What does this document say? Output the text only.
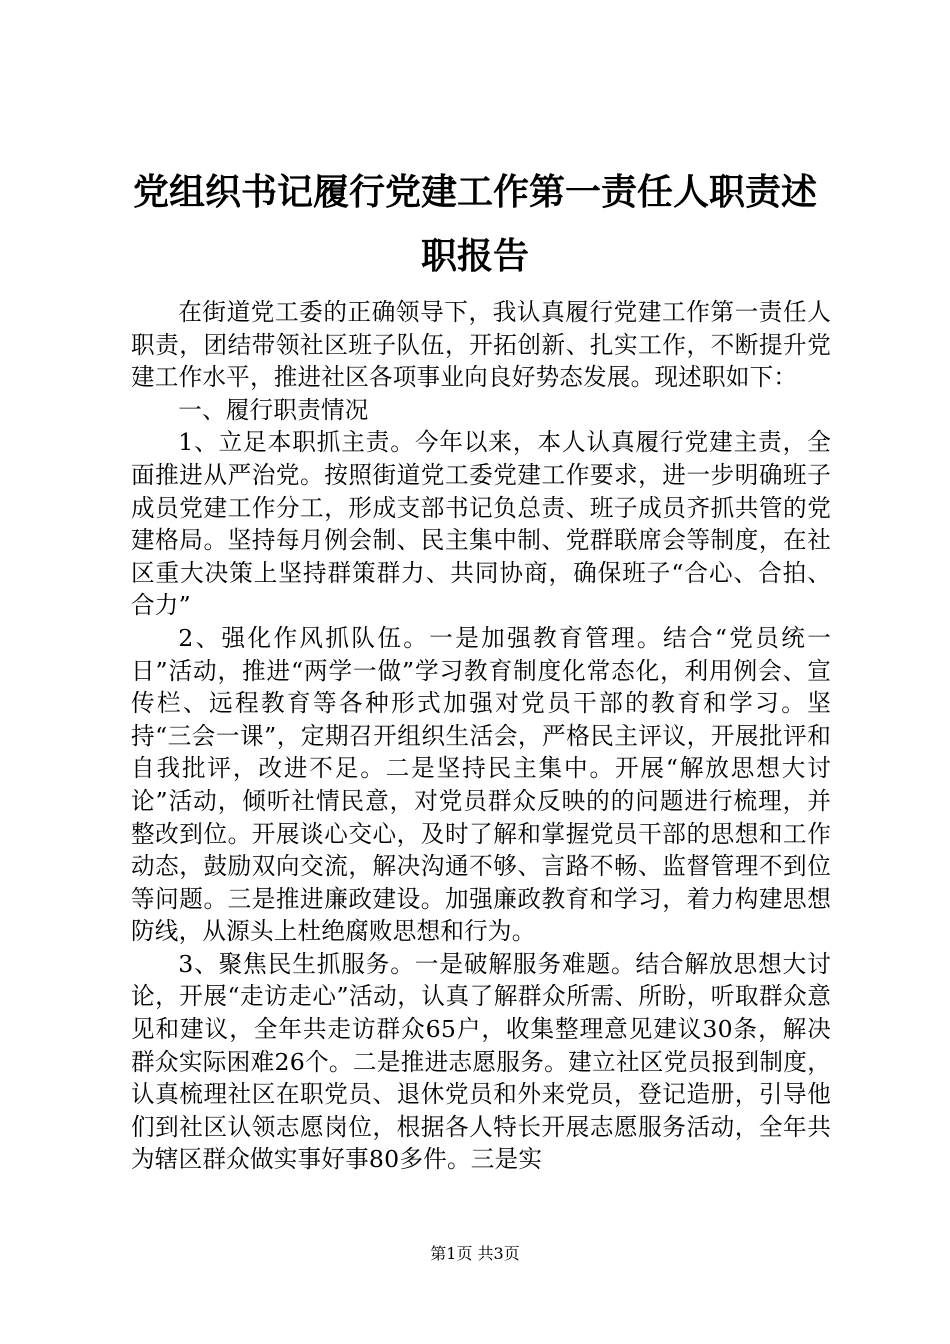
党组织书记履行党建工作第一责任人职责述职报告

在街道党工委的正确领导下，我认真履行党建工作第一责任人职责，团结带领社区班子队伍，开拓创新、扎实工作，不断提升党建工作水平，推进社区各项事业向良好势态发展。现述职如下：

一、履行职责情况

1、立足本职抓主责。今年以来，本人认真履行党建主责，全面推进从严治党。按照街道党工委党建工作要求，进一步明确班子成员党建工作分工，形成支部书记负总责、班子成员齐抓共管的党建格局。坚持每月例会制、民主集中制、党群联席会等制度，在社区重大决策上坚持群策群力、共同协商，确保班子“合心、合拍、合力”

2、强化作风抓队伍。一是加强教育管理。结合“党员统一日”活动，推进“两学一做”学习教育制度化常态化，利用例会、宣传栏、远程教育等各种形式加强对党员干部的教育和学习。坚持“三会一课”，定期召开组织生活会，严格民主评议，开展批评和自我批评，改进不足。二是坚持民主集中。开展“解放思想大讨论”活动，倾听社情民意，对党员群众反映的的问题进行梳理，并整改到位。开展谈心交心，及时了解和掌握党员干部的思想和工作动态，鼓励双向交流，解决沟通不够、言路不畅、监督管理不到位等问题。三是推进廉政建设。加强廉政教育和学习，着力构建思想防线，从源头上杜绝腐败思想和行为。

3、聚焦民生抓服务。一是破解服务难题。结合解放思想大讨论，开展“走访走心”活动，认真了解群众所需、所盼，听取群众意见和建议，全年共走访群众65户，收集整理意见建议30条，解决群众实际困难26个。二是推进志愿服务。建立社区党员报到制度，认真梳理社区在职党员、退休党员和外来党员，登记造册，引导他们到社区认领志愿岗位，根据各人特长开展志愿服务活动，全年共为辖区群众做实事好事80多件。三是实

第1页 共3页
